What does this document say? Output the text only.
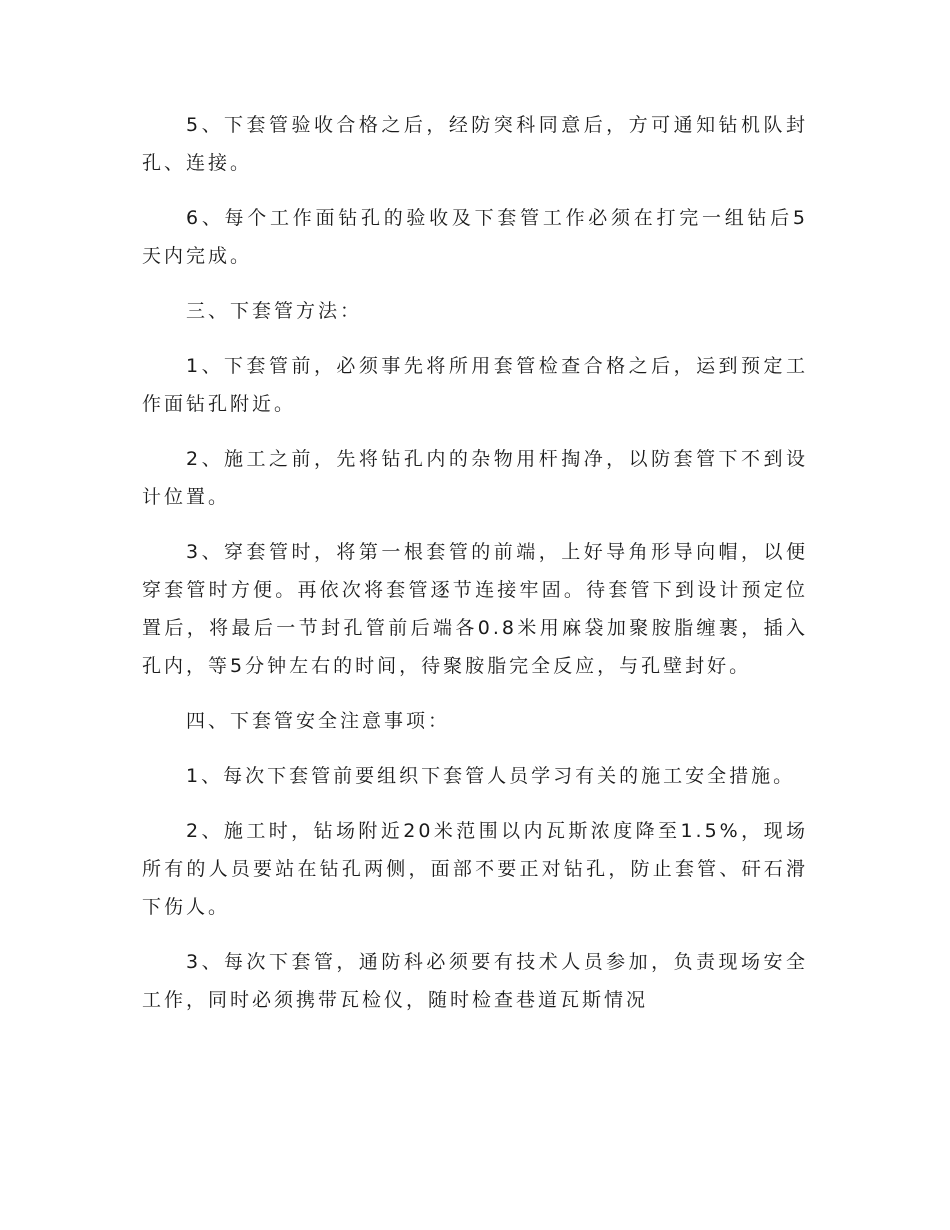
5、下套管验收合格之后，经防突科同意后，方可通知钻机队封孔、连接。

6、每个工作面钻孔的验收及下套管工作必须在打完一组钻后5天内完成。

三、下套管方法：

1、下套管前，必须事先将所用套管检查合格之后，运到预定工作面钻孔附近。

2、施工之前，先将钻孔内的杂物用杆掏净，以防套管下不到设计位置。

3、穿套管时，将第一根套管的前端，上好导角形导向帽，以便穿套管时方便。再依次将套管逐节连接牢固。待套管下到设计预定位置后，将最后一节封孔管前后端各0.8米用麻袋加聚胺脂缠裹，插入孔内，等5分钟左右的时间，待聚胺脂完全反应，与孔壁封好。

四、下套管安全注意事项：

1、每次下套管前要组织下套管人员学习有关的施工安全措施。

2、施工时，钻场附近20米范围以内瓦斯浓度降至1.5%，现场所有的人员要站在钻孔两侧，面部不要正对钻孔，防止套管、矸石滑下伤人。

3、每次下套管，通防科必须要有技术人员参加，负责现场安全工作，同时必须携带瓦检仪，随时检查巷道瓦斯情况
